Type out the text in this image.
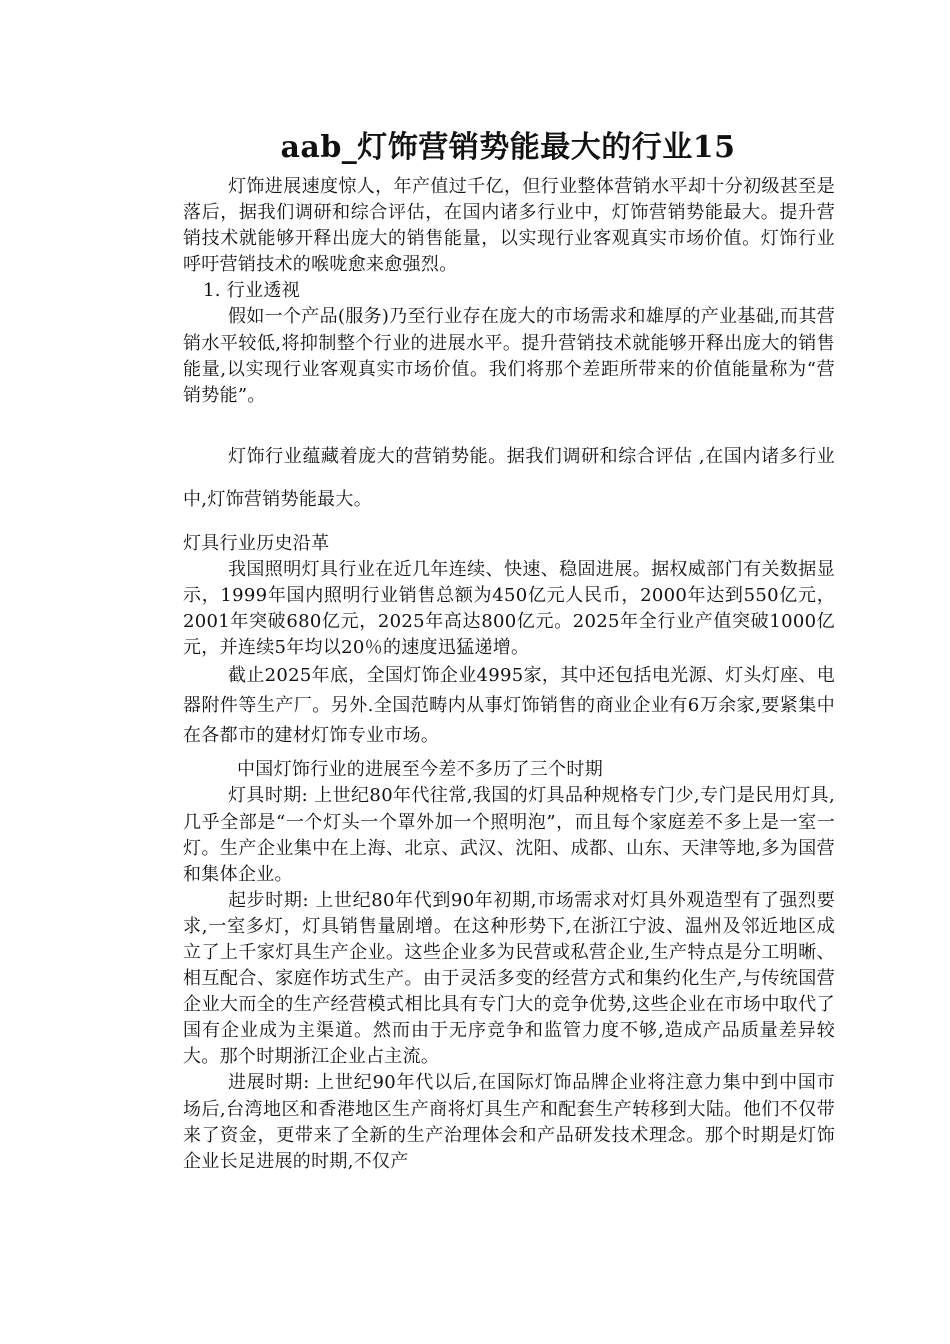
aab_灯饰营销势能最大的行业15

灯饰进展速度惊人，年产值过千亿，但行业整体营销水平却十分初级甚至是落后，据我们调研和综合评估，在国内诸多行业中，灯饰营销势能最大。提升营销技术就能够开释出庞大的销售能量，以实现行业客观真实市场价值。灯饰行业呼吁营销技术的喉咙愈来愈强烈。

1. 行业透视

假如一个产品(服务)乃至行业存在庞大的市场需求和雄厚的产业基础,而其营销水平较低,将抑制整个行业的进展水平。提升营销技术就能够开释出庞大的销售能量,以实现行业客观真实市场价值。我们将那个差距所带来的价值能量称为“营销势能”。

灯饰行业蕴藏着庞大的营销势能。据我们调研和综合评估 ,在国内诸多行业中,灯饰营销势能最大。

灯具行业历史沿革

我国照明灯具行业在近几年连续、快速、稳固进展。据权威部门有关数据显示，1999年国内照明行业销售总额为450亿元人民币，2000年达到550亿元，2001年突破680亿元，2025年高达800亿元。2025年全行业产值突破1000亿元，并连续5年均以20％的速度迅猛递增。

截止2025年底，全国灯饰企业4995家，其中还包括电光源、灯头灯座、电器附件等生产厂。另外.全国范畴内从事灯饰销售的商业企业有6万余家,要紧集中在各都市的建材灯饰专业市场。

中国灯饰行业的进展至今差不多历了三个时期

灯具时期: 上世纪80年代往常,我国的灯具品种规格专门少,专门是民用灯具,几乎全部是“一个灯头一个罩外加一个照明泡”，而且每个家庭差不多上是一室一灯。生产企业集中在上海、北京、武汉、沈阳、成都、山东、天津等地,多为国营和集体企业。

起步时期: 上世纪80年代到90年初期,市场需求对灯具外观造型有了强烈要求,一室多灯，灯具销售量剧增。在这种形势下,在浙江宁波、温州及邻近地区成立了上千家灯具生产企业。这些企业多为民营或私营企业,生产特点是分工明晰、相互配合、家庭作坊式生产。由于灵活多变的经营方式和集约化生产,与传统国营企业大而全的生产经营模式相比具有专门大的竞争优势,这些企业在市场中取代了国有企业成为主渠道。然而由于无序竞争和监管力度不够,造成产品质量差异较大。那个时期浙江企业占主流。

进展时期: 上世纪90年代以后,在国际灯饰品牌企业将注意力集中到中国市场后,台湾地区和香港地区生产商将灯具生产和配套生产转移到大陆。他们不仅带来了资金，更带来了全新的生产治理体会和产品研发技术理念。那个时期是灯饰企业长足进展的时期,不仅产
